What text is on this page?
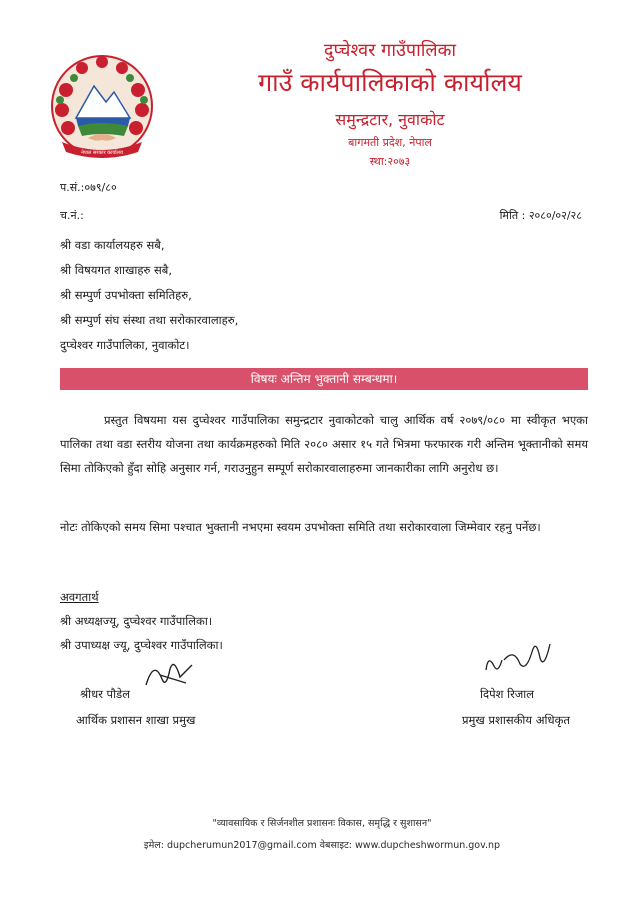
नेपाल सरकार कार्यालय
दुप्चेश्वर गाउँपालिका
गाउँ कार्यपालिकाको कार्यालय
समुन्द्रटार, नुवाकोट
बागमती प्रदेश, नेपाल
स्था:२०७३
प.सं.:०७९/८०
च.नं.:	मिति : २०८०/०२/२८
श्री वडा कार्यालयहरु सबै,
श्री विषयगत शाखाहरु सबै,
श्री सम्पुर्ण उपभोक्ता समितिहरु,
श्री सम्पुर्ण संघ संस्था तथा सरोकारवालाहरु,
दुप्चेश्वर गाउँपालिका, नुवाकोट।
विषयः अन्तिम भुक्तानी सम्बन्धमा।
प्रस्तुत विषयमा यस दुप्चेश्वर गाउँपालिका समुन्द्रटार नुवाकोटको चालु आर्थिक वर्ष २०७९/०८० मा स्वीकृत भएका पालिका तथा वडा स्तरीय योजना तथा कार्यक्रमहरुको मिति २०८० असार १५ गते भित्रमा फरफारक गरी अन्तिम भूक्तानीको समय सिमा तोकिएको हुँदा सोहि अनुसार गर्न, गराउनुहुन सम्पूर्ण सरोकारवालाहरुमा जानकारीका लागि अनुरोध छ।
नोटः तोकिएको समय सिमा पश्चात भुक्तानी नभएमा स्वयम उपभोक्ता समिति तथा सरोकारवाला जिम्मेवार रहनु पर्नेछ।
अवगतार्थ
श्री अध्यक्षज्यू, दुप्चेश्वर गाउँपालिका।
श्री उपाध्यक्ष ज्यू, दुप्चेश्वर गाउँपालिका।
श्रीधर पौडेल
आर्थिक प्रशासन शाखा प्रमुख
दिपेश रिजाल
प्रमुख प्रशासकीय अधिकृत
"व्यावसायिक र सिर्जनशील प्रशासनः विकास, समृद्धि र सुशासन"
इमेल: dupcherumun2017@gmail.com वेबसाइट: www.dupcheshwormun.gov.np
